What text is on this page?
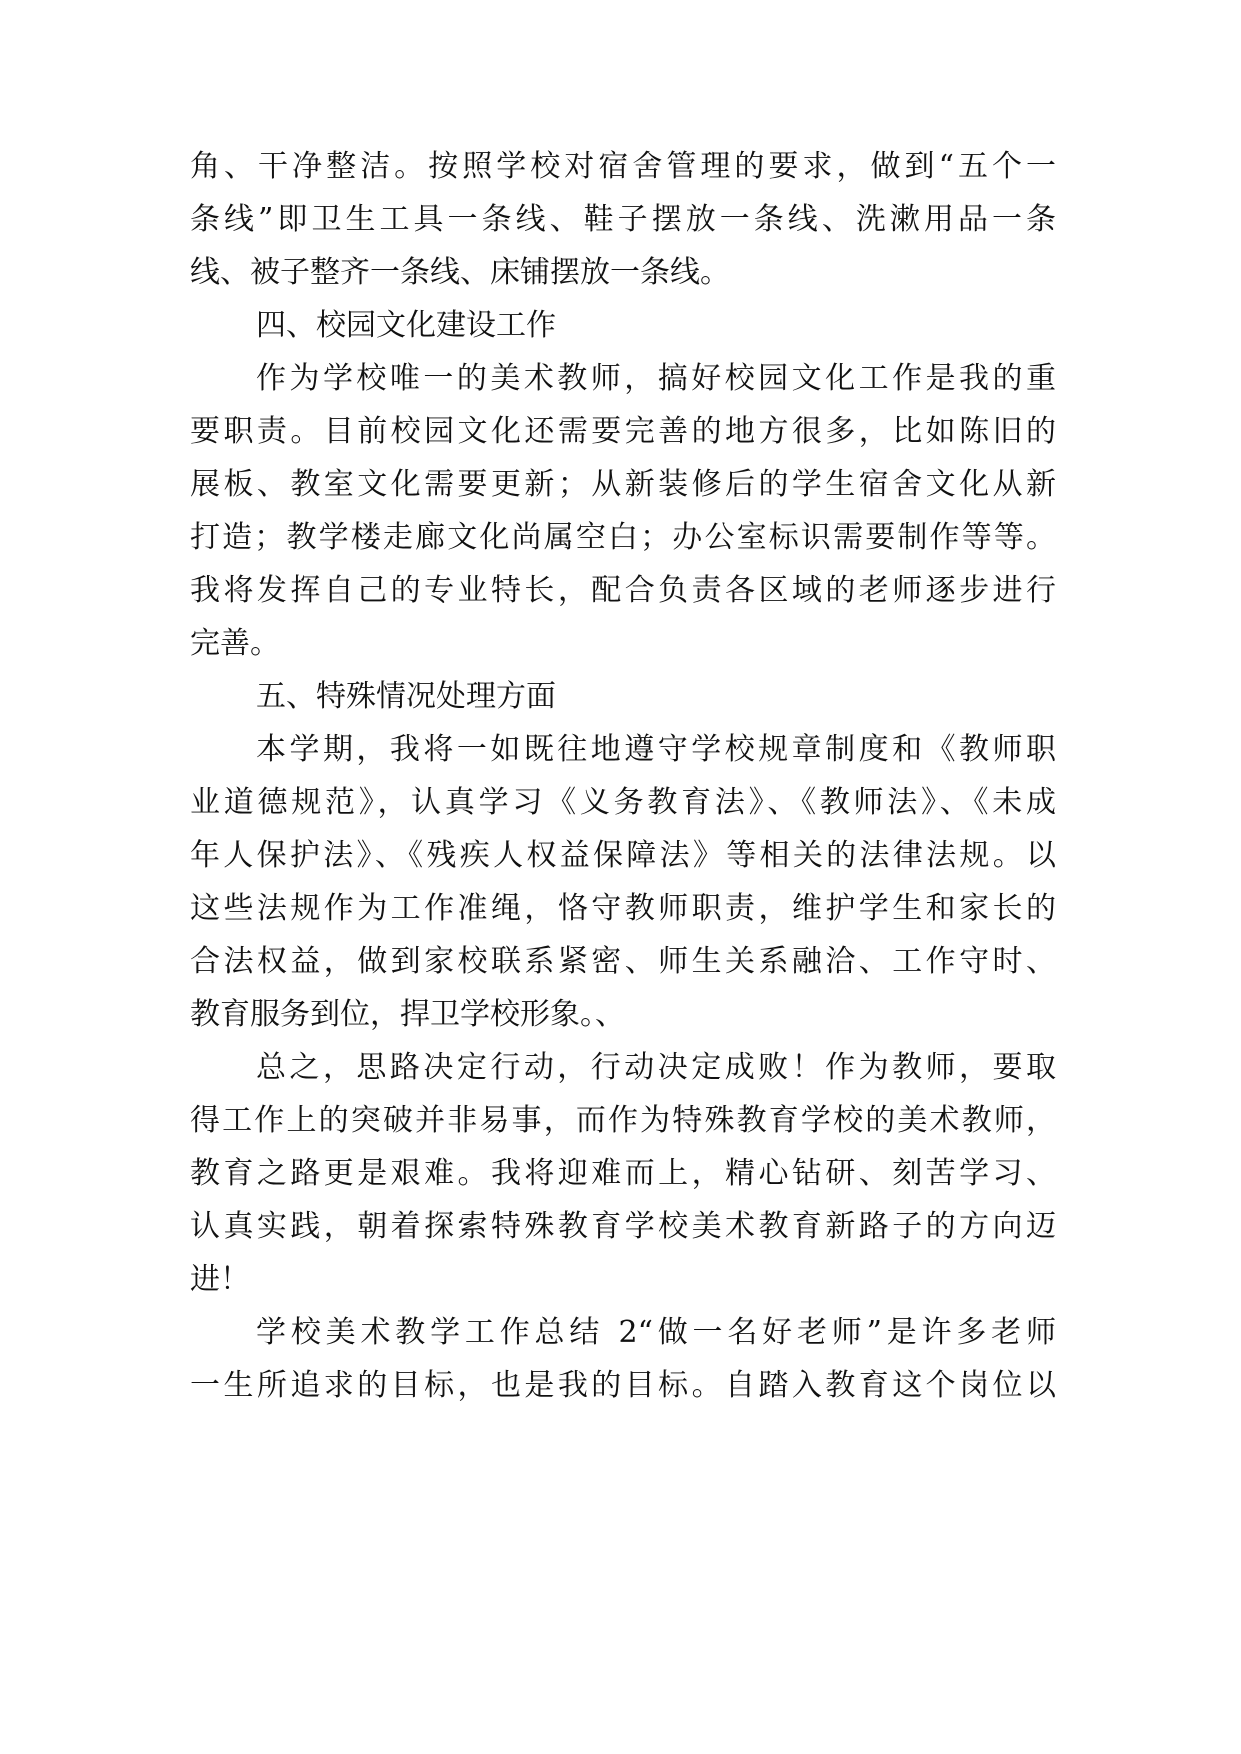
角、干净整洁。按照学校对宿舍管理的要求，做到“五个一
条线”即卫生工具一条线、鞋子摆放一条线、洗漱用品一条
线、被子整齐一条线、床铺摆放一条线。
四、校园文化建设工作
作为学校唯一的美术教师，搞好校园文化工作是我的重
要职责。目前校园文化还需要完善的地方很多，比如陈旧的
展板、教室文化需要更新；从新装修后的学生宿舍文化从新
打造；教学楼走廊文化尚属空白；办公室标识需要制作等等。
我将发挥自己的专业特长，配合负责各区域的老师逐步进行
完善。
五、特殊情况处理方面
本学期，我将一如既往地遵守学校规章制度和《教师职
业道德规范》，认真学习《义务教育法》、《教师法》、《未成
年人保护法》、《残疾人权益保障法》等相关的法律法规。以
这些法规作为工作准绳，恪守教师职责，维护学生和家长的
合法权益，做到家校联系紧密、师生关系融洽、工作守时、
教育服务到位，捍卫学校形象。、
总之，思路决定行动，行动决定成败！作为教师，要取
得工作上的突破并非易事，而作为特殊教育学校的美术教师，
教育之路更是艰难。我将迎难而上，精心钻研、刻苦学习、
认真实践，朝着探索特殊教育学校美术教育新路子的方向迈
进！
学校美术教学工作总结 2“做一名好老师”是许多老师
一生所追求的目标，也是我的目标。自踏入教育这个岗位以
